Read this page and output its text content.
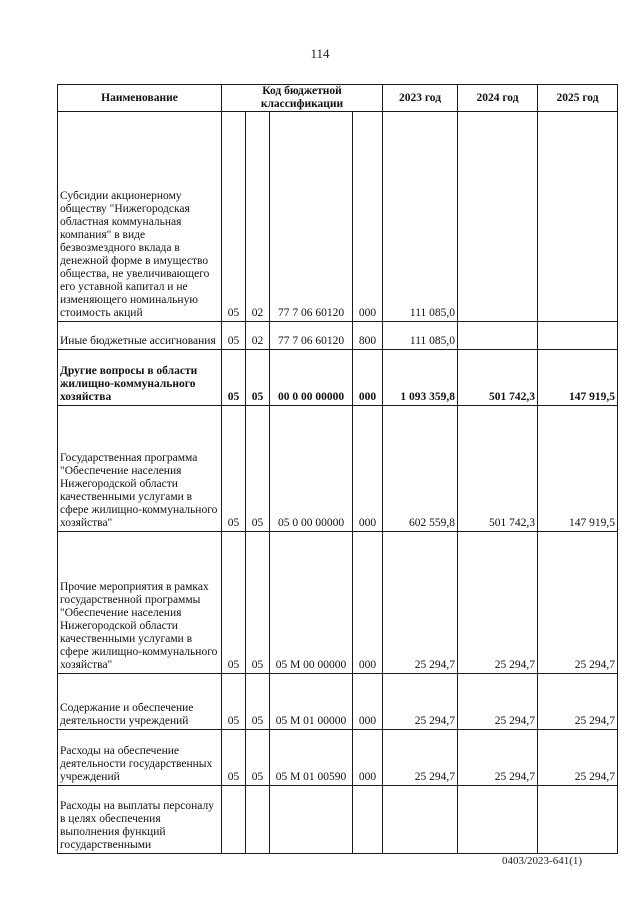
114
Наименование	Код бюджетной классификации				2023 год	2024 год	2025 год
Субсидии акционерному обществу "Нижегородская областная коммунальная компания" в виде безвозмездного вклада в денежной форме в имущество общества, не увеличивающего его уставной капитал и не изменяющего номинальную стоимость акций	05	02	77 7 06 60120	000	111 085,0		
Иные бюджетные ассигнования	05	02	77 7 06 60120	800	111 085,0		
Другие вопросы в области жилищно-коммунального хозяйства	05	05	00 0 00 00000	000	1 093 359,8	501 742,3	147 919,5
Государственная программа "Обеспечение населения Нижегородской области качественными услугами в сфере жилищно-коммунального хозяйства"	05	05	05 0 00 00000	000	602 559,8	501 742,3	147 919,5
Прочие мероприятия в рамках государственной программы "Обеспечение населения Нижегородской области качественными услугами в сфере жилищно-коммунального хозяйства"	05	05	05 М 00 00000	000	25 294,7	25 294,7	25 294,7
Содержание и обеспечение деятельности учреждений	05	05	05 М 01 00000	000	25 294,7	25 294,7	25 294,7
Расходы на обеспечение деятельности государственных учреждений	05	05	05 М 01 00590	000	25 294,7	25 294,7	25 294,7
Расходы на выплаты персоналу в целях обеспечения выполнения функций государственными							
0403/2023-641(1)
